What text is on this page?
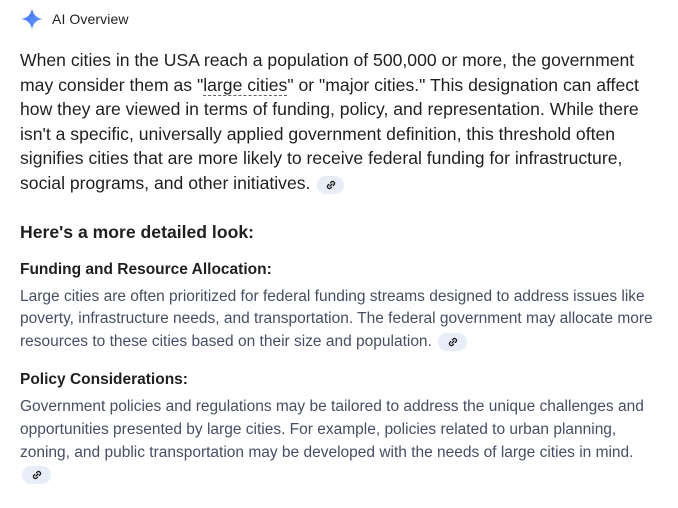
AI Overview
When cities in the USA reach a population of 500,000 or more, the government may consider them as "large cities" or "major cities." This designation can affect how they are viewed in terms of funding, policy, and representation. While there isn't a specific, universally applied government definition, this threshold often signifies cities that are more likely to receive federal funding for infrastructure, social programs, and other initiatives.
Here's a more detailed look:
Funding and Resource Allocation:
Large cities are often prioritized for federal funding streams designed to address issues like poverty, infrastructure needs, and transportation. The federal government may allocate more resources to these cities based on their size and population.
Policy Considerations:
Government policies and regulations may be tailored to address the unique challenges and opportunities presented by large cities. For example, policies related to urban planning, zoning, and public transportation may be developed with the needs of large cities in mind.
